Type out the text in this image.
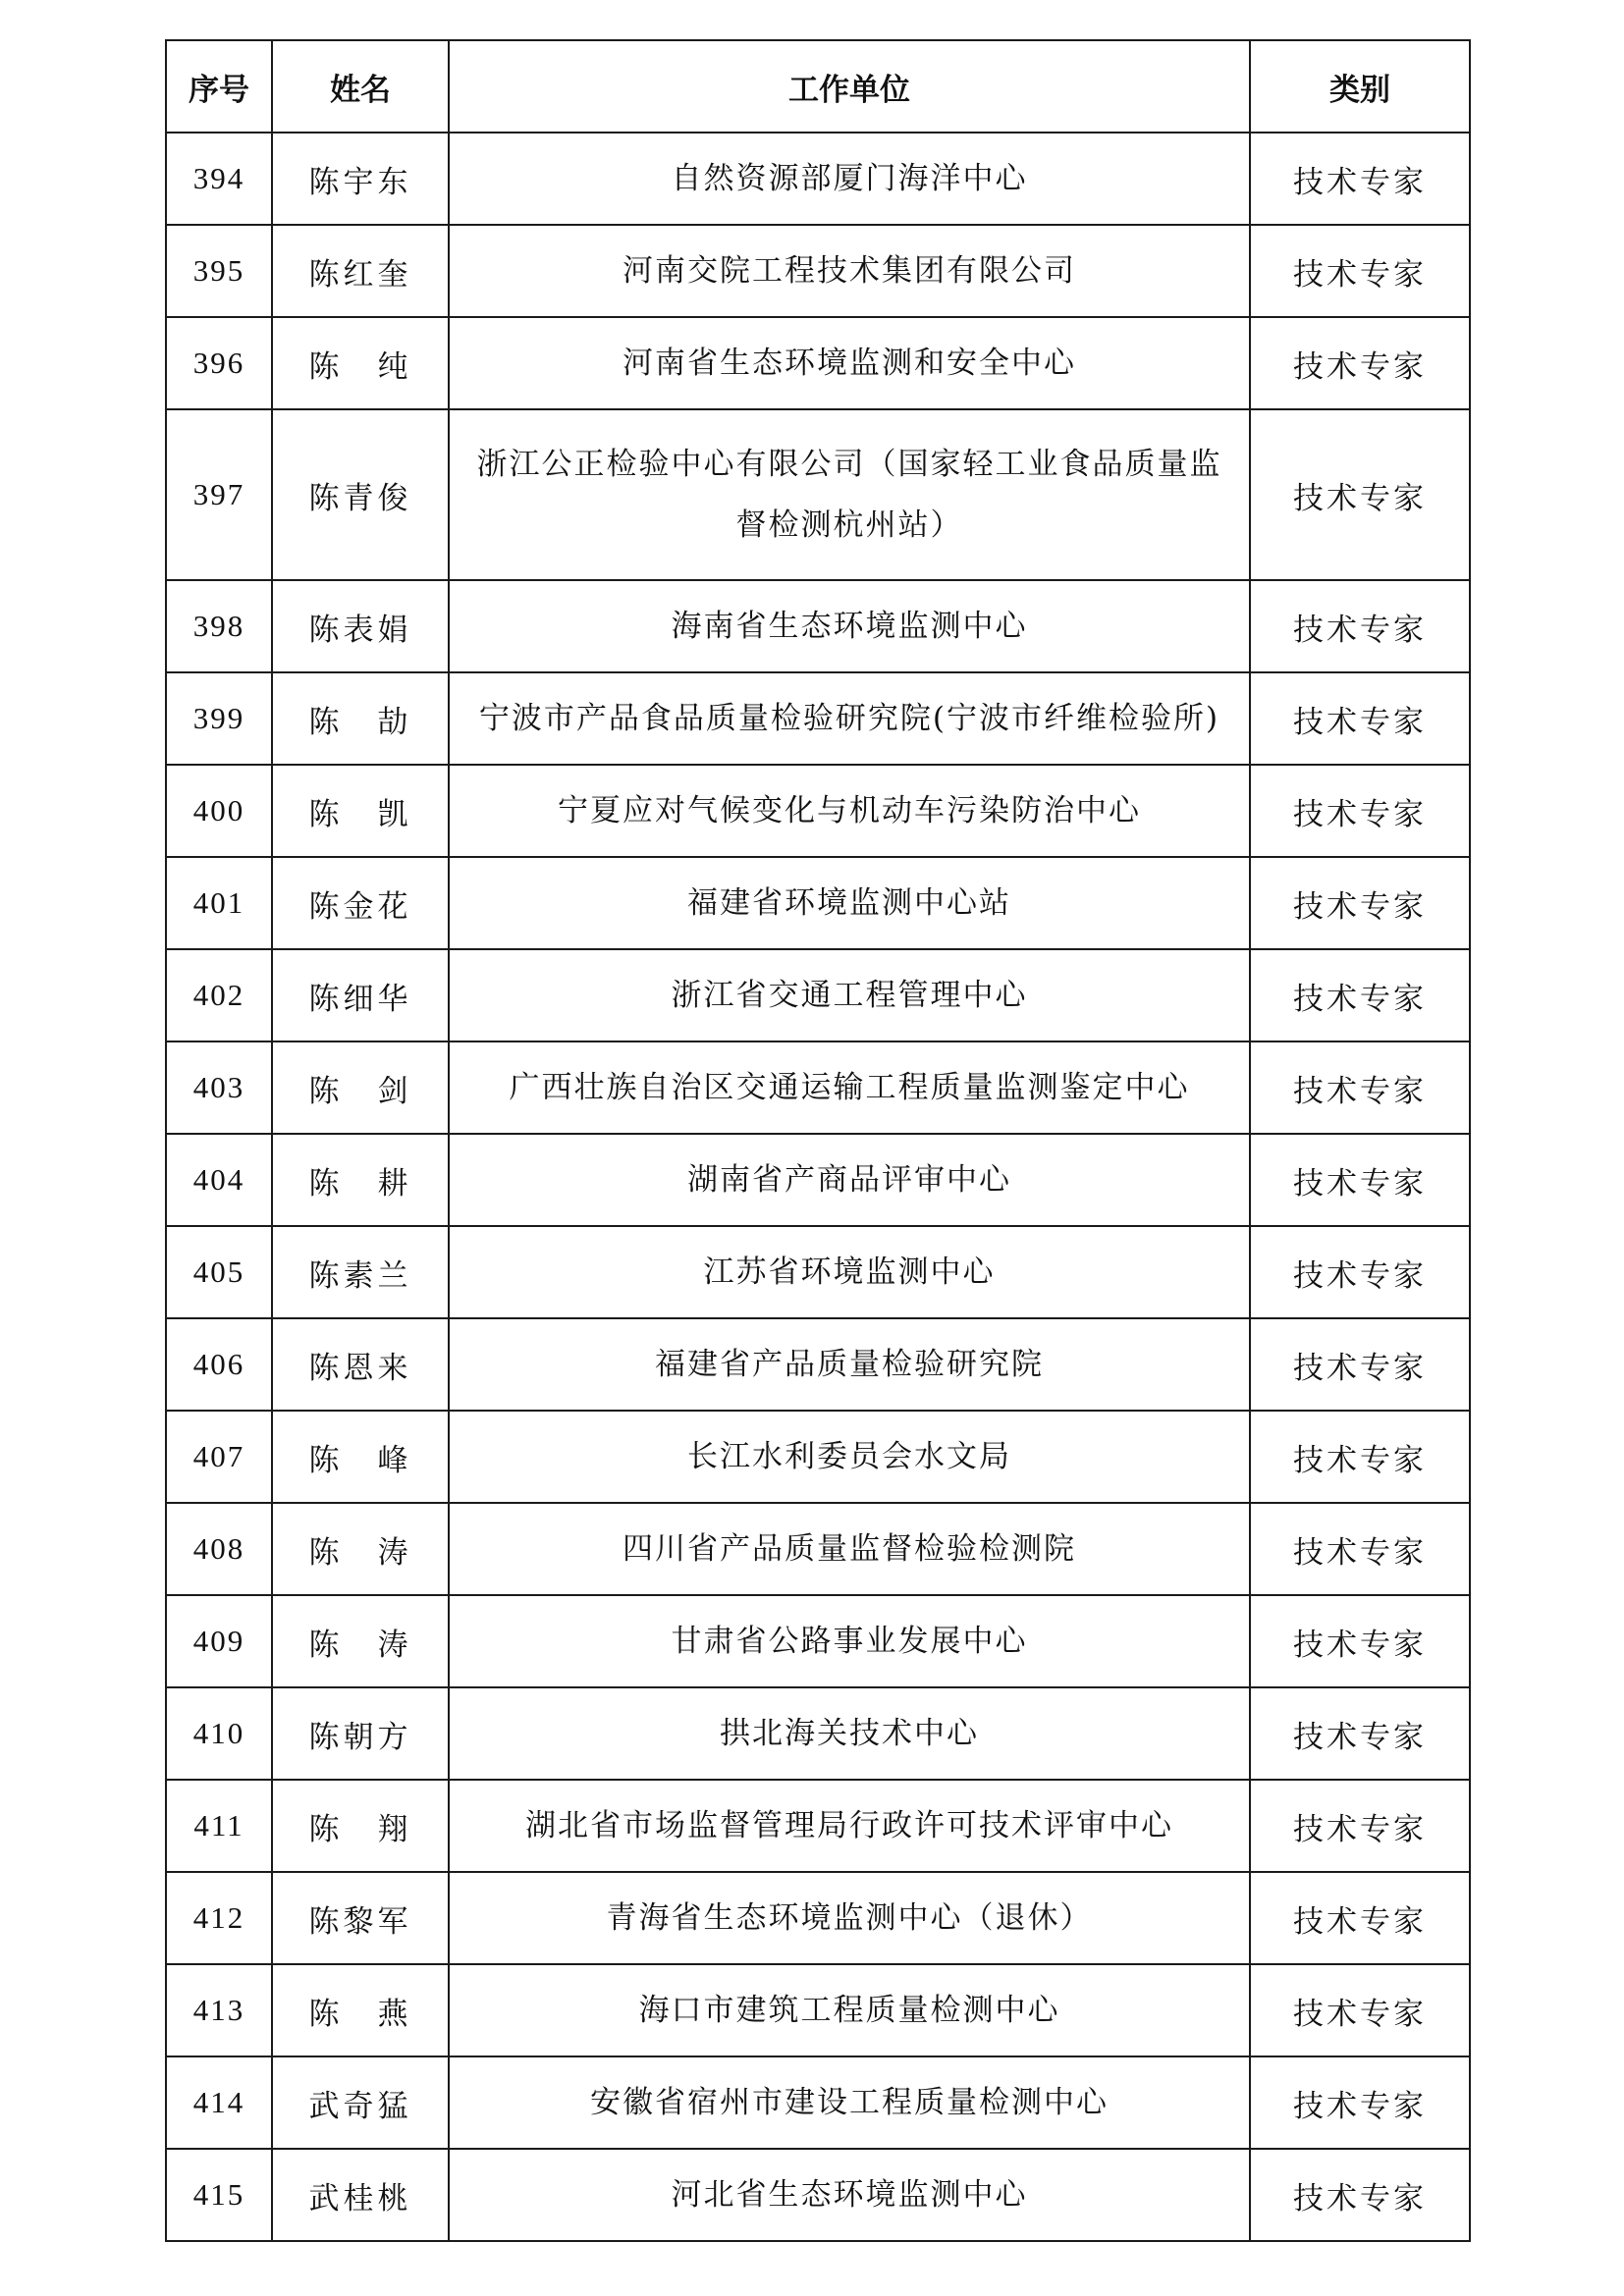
序号	姓名	工作单位	类别
394	陈宇东	自然资源部厦门海洋中心	技术专家
395	陈红奎	河南交院工程技术集团有限公司	技术专家
396	陈　纯	河南省生态环境监测和安全中心	技术专家
397	陈青俊	浙江公正检验中心有限公司（国家轻工业食品质量监督检测杭州站）	技术专家
398	陈表娟	海南省生态环境监测中心	技术专家
399	陈　劼	宁波市产品食品质量检验研究院(宁波市纤维检验所)	技术专家
400	陈　凯	宁夏应对气候变化与机动车污染防治中心	技术专家
401	陈金花	福建省环境监测中心站	技术专家
402	陈细华	浙江省交通工程管理中心	技术专家
403	陈　剑	广西壮族自治区交通运输工程质量监测鉴定中心	技术专家
404	陈　耕	湖南省产商品评审中心	技术专家
405	陈素兰	江苏省环境监测中心	技术专家
406	陈恩来	福建省产品质量检验研究院	技术专家
407	陈　峰	长江水利委员会水文局	技术专家
408	陈　涛	四川省产品质量监督检验检测院	技术专家
409	陈　涛	甘肃省公路事业发展中心	技术专家
410	陈朝方	拱北海关技术中心	技术专家
411	陈　翔	湖北省市场监督管理局行政许可技术评审中心	技术专家
412	陈黎军	青海省生态环境监测中心（退休）	技术专家
413	陈　燕	海口市建筑工程质量检测中心	技术专家
414	武奇猛	安徽省宿州市建设工程质量检测中心	技术专家
415	武桂桃	河北省生态环境监测中心	技术专家
